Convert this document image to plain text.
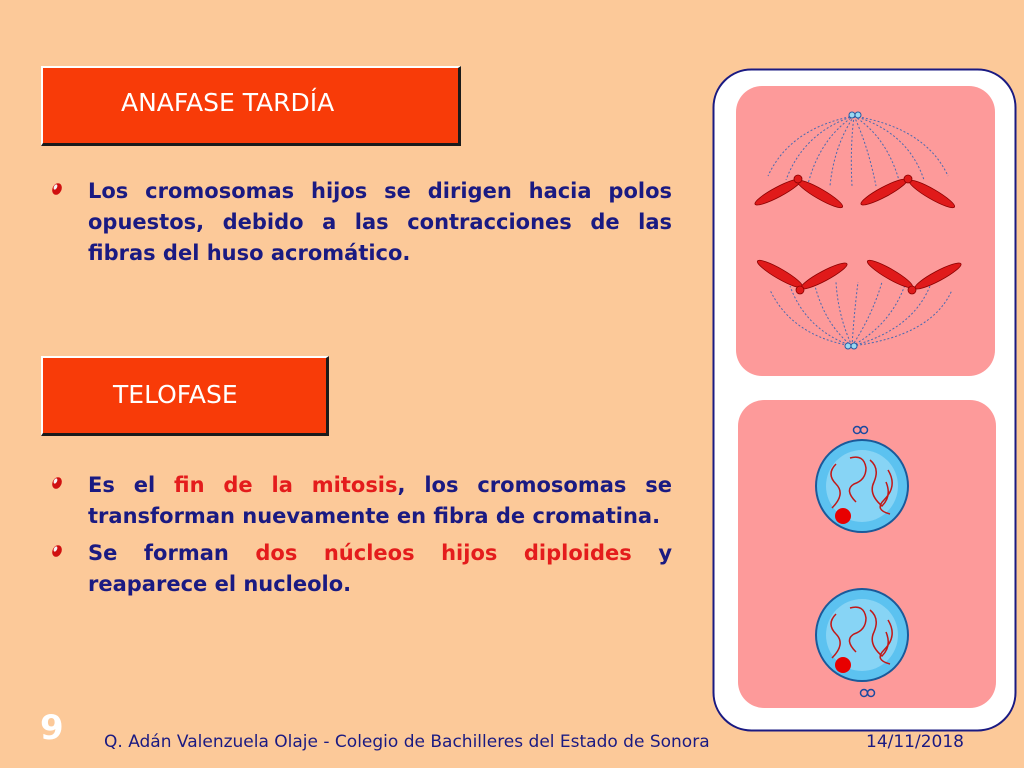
ANAFASE TARDÍA

Los cromosomas hijos se dirigen hacia polos opuestos, debido a las contracciones de las fibras del huso acromático.

TELOFASE

Es el fin de la mitosis, los cromosomas se transforman nuevamente en fibra de cromatina.

Se forman dos núcleos hijos diploides y reaparece el nucleolo.

9 Q. Adán Valenzuela Olaje - Colegio de Bachilleres del Estado de Sonora	14/11/2018
